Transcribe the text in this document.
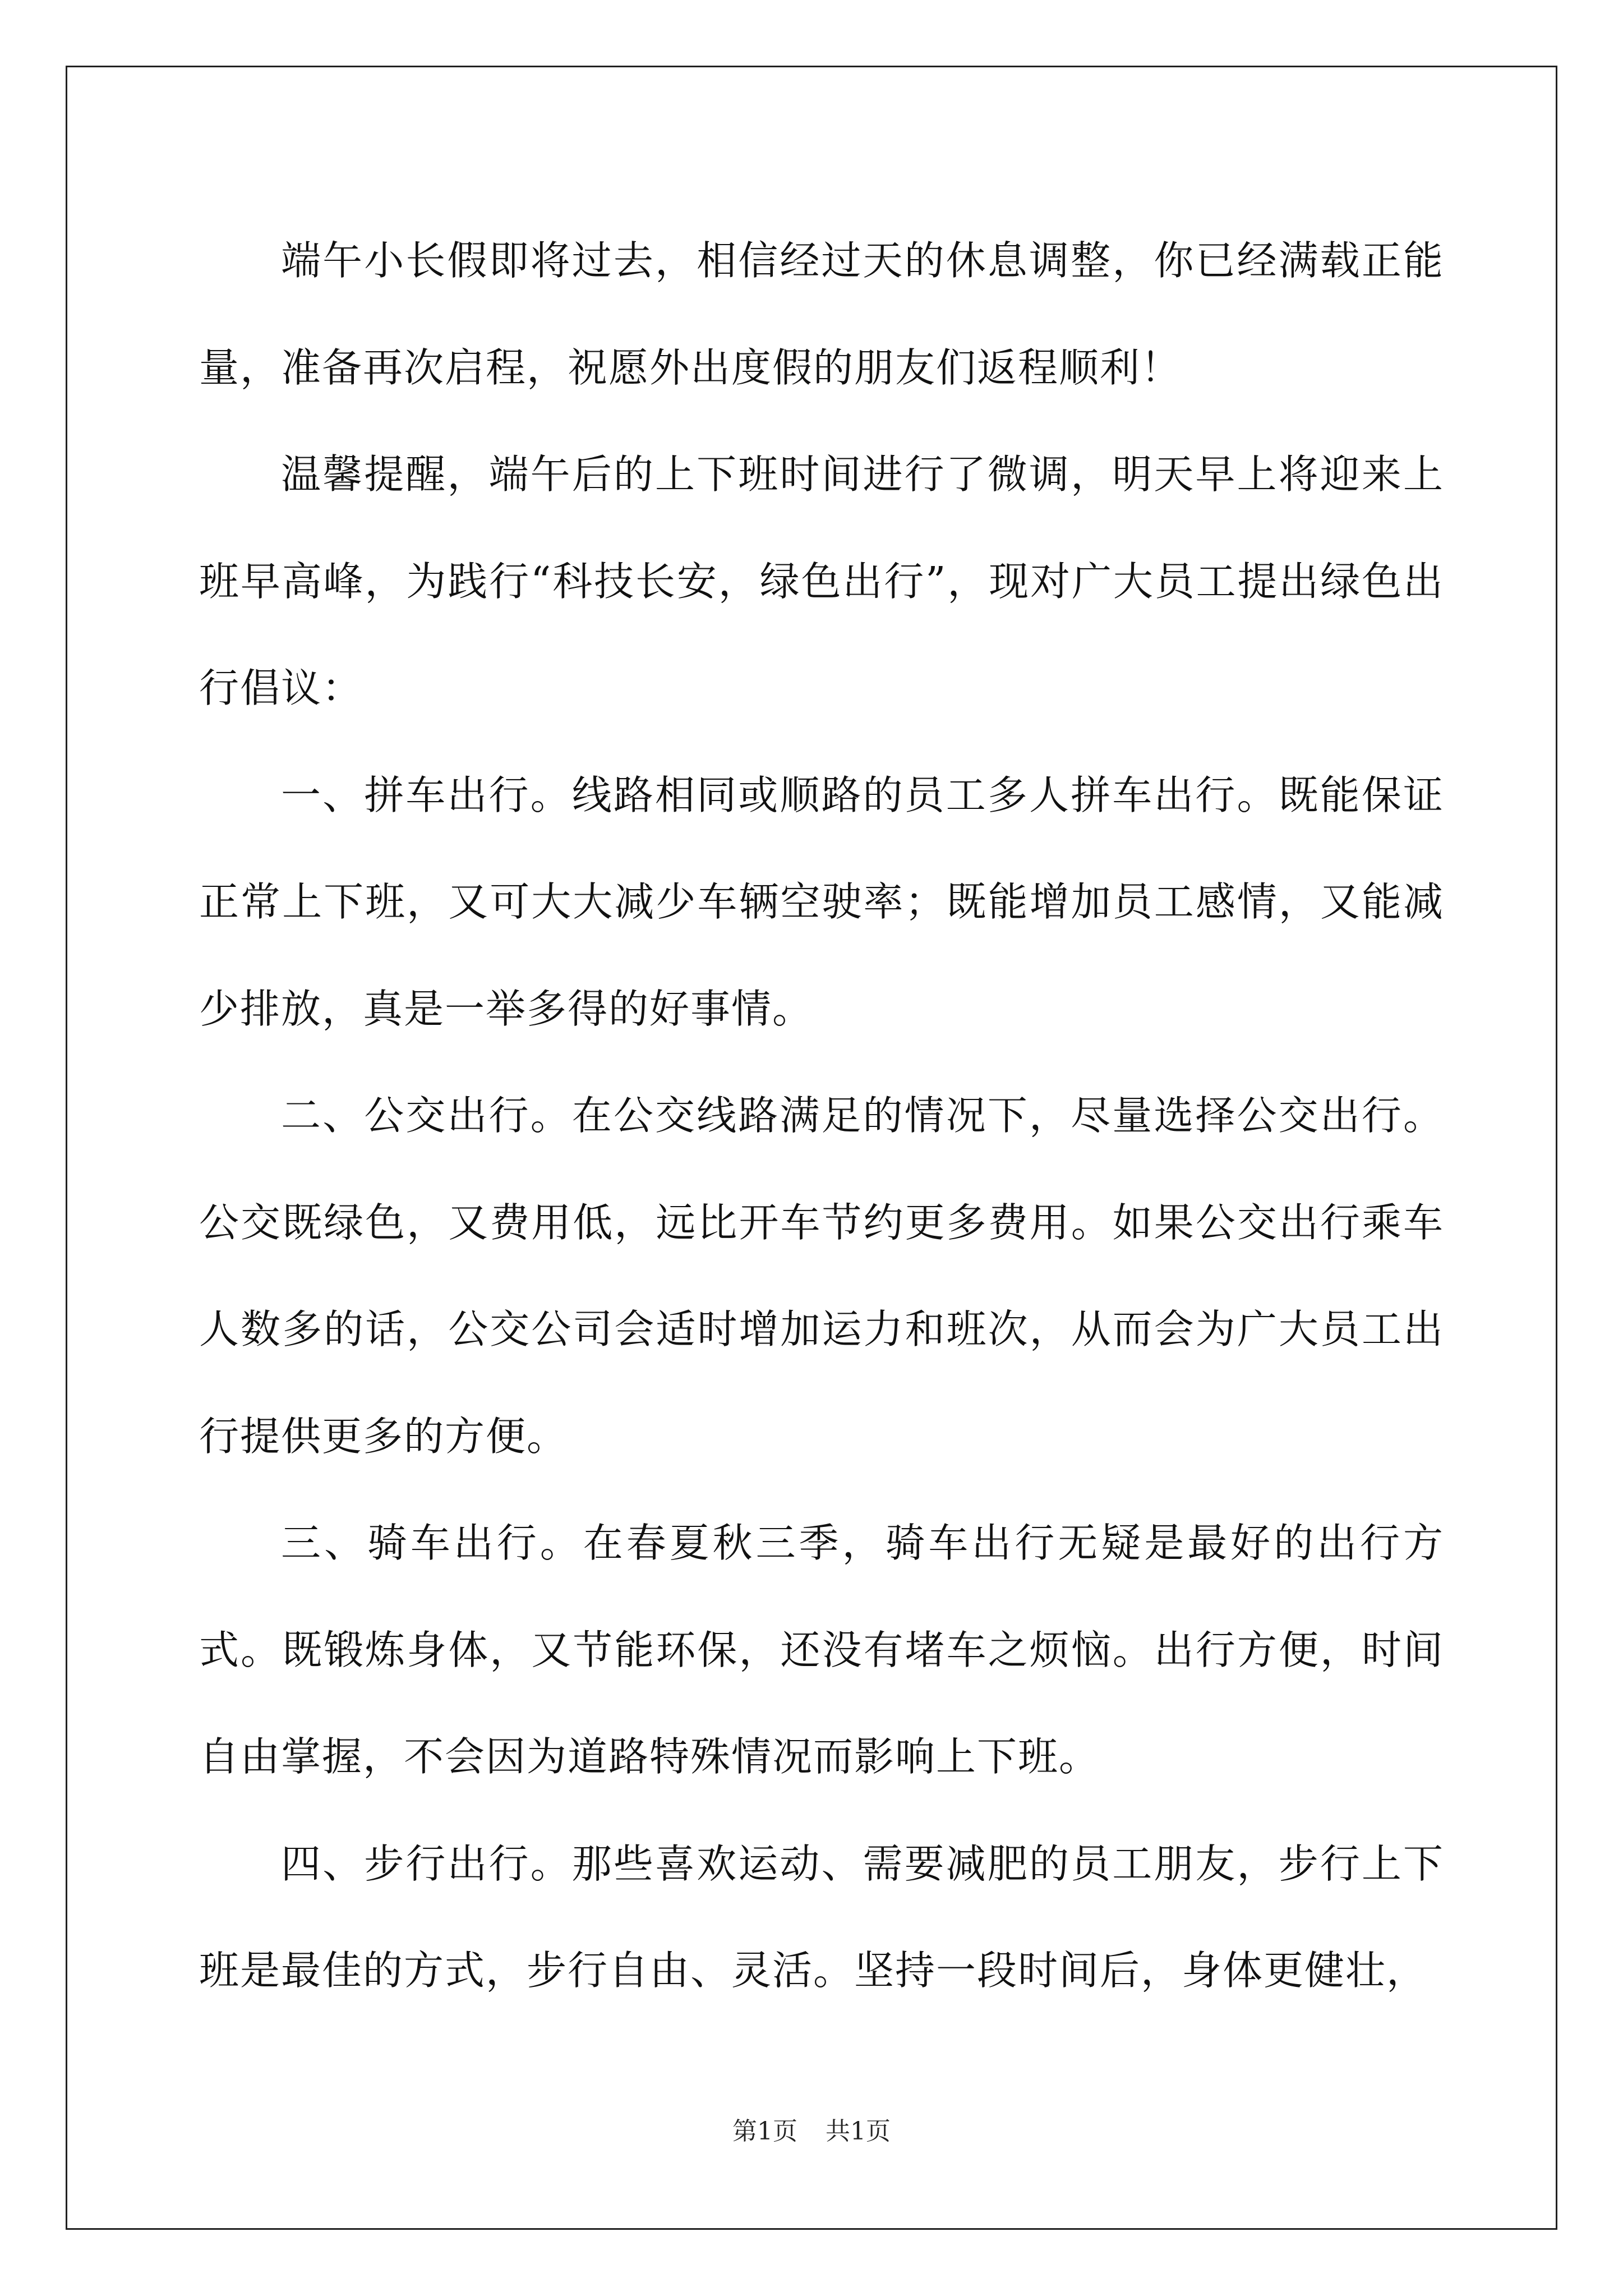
端午小长假即将过去，相信经过天的休息调整，你已经满载正能量，准备再次启程，祝愿外出度假的朋友们返程顺利！

温馨提醒，端午后的上下班时间进行了微调，明天早上将迎来上班早高峰，为践行“科技长安，绿色出行”，现对广大员工提出绿色出行倡议：

一、拼车出行。线路相同或顺路的员工多人拼车出行。既能保证正常上下班，又可大大减少车辆空驶率；既能增加员工感情，又能减少排放，真是一举多得的好事情。

二、公交出行。在公交线路满足的情况下，尽量选择公交出行。公交既绿色，又费用低，远比开车节约更多费用。如果公交出行乘车人数多的话，公交公司会适时增加运力和班次，从而会为广大员工出行提供更多的方便。

三、骑车出行。在春夏秋三季，骑车出行无疑是最好的出行方式。既锻炼身体，又节能环保，还没有堵车之烦恼。出行方便，时间自由掌握，不会因为道路特殊情况而影响上下班。

四、步行出行。那些喜欢运动、需要减肥的员工朋友，步行上下班是最佳的方式，步行自由、灵活。坚持一段时间后，身体更健壮，

第1页 共1页
